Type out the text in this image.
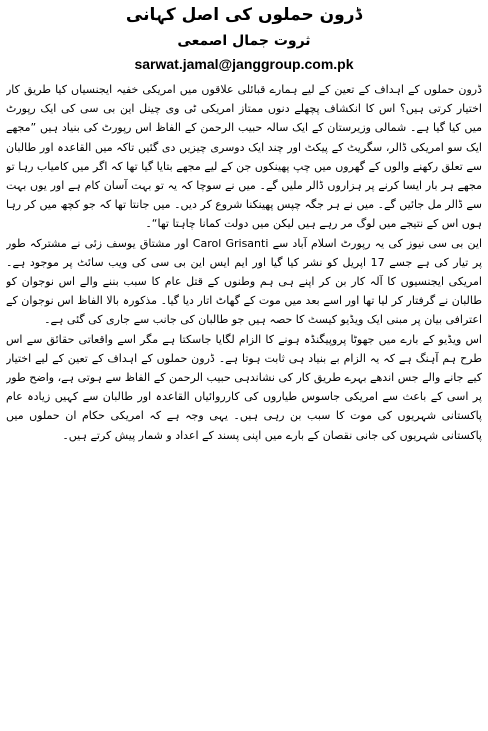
ڈرون حملوں کی اصل کہانی
ثروت جمال اصمعی
sarwat.jamal@janggroup.com.pk

ڈرون حملوں کے اہداف کے تعین کے لیے ہمارے قبائلی علاقوں میں امریکی خفیہ ایجنسیاں کیا طریق کار اختیار کرتی ہیں؟ اس کا انکشاف پچھلے دنوں ممتاز امریکی ٹی وی چینل این بی سی کی ایک رپورٹ میں کیا گیا ہے۔ شمالی وزیرستان کے ایک سالہ حبیب الرحمن کے الفاظ اس رپورٹ کی بنیاد ہیں ”مجھے ایک سو امریکی ڈالر، سگریٹ کے پیکٹ اور چند ایک دوسری چیزیں دی گئیں تاکہ میں القاعدہ اور طالبان سے تعلق رکھنے والوں کے گھروں میں چپ پھینکوں جن کے لیے مجھے بتایا گیا تھا کہ اگر میں کامیاب رہا تو مجھے ہر بار ایسا کرنے پر ہزاروں ڈالر ملیں گے۔ میں نے سوچا کہ یہ تو بہت آسان کام ہے اور یوں بہت سے ڈالر مل جائیں گے۔ میں نے ہر جگہ چپس پھینکنا شروع کر دیں۔ میں جانتا تھا کہ جو کچھ میں کر رہا ہوں اس کے نتیجے میں لوگ مر رہے ہیں لیکن میں دولت کمانا چاہتا تھا“۔

این بی سی نیوز کی یہ رپورٹ اسلام آباد سے Carol Grisanti اور مشتاق یوسف زئی نے مشترکہ طور پر تیار کی ہے جسے 17 اپریل کو نشر کیا گیا اور ایم ایس این بی سی کی ویب سائٹ پر موجود ہے۔ امریکی ایجنسیوں کا آلہ کار بن کر اپنے ہی ہم وطنوں کے قتل عام کا سبب بننے والے اس نوجوان کو طالبان نے گرفتار کر لیا تھا اور اسے بعد میں موت کے گھاٹ اتار دیا گیا۔ مذکورہ بالا الفاظ اس نوجوان کے اعترافی بیان پر مبنی ایک ویڈیو کیسٹ کا حصہ ہیں جو طالبان کی جانب سے جاری کی گئی ہے۔

اس ویڈیو کے بارے میں جھوٹا پروپیگنڈہ ہونے کا الزام لگایا جاسکتا ہے مگر اسے واقعاتی حقائق سے اس طرح ہم آہنگ ہے کہ یہ الزام بے بنیاد ہی ثابت ہوتا ہے۔ ڈرون حملوں کے اہداف کے تعین کے لیے اختیار کیے جانے والے جس اندھے بہرے طریق کار کی نشاندہی حبیب الرحمن کے الفاظ سے ہوتی ہے، واضح طور پر اسی کے باعث سے امریکی جاسوس طیاروں کی کارروائیاں القاعدہ اور طالبان سے کہیں زیادہ عام پاکستانی شہریوں کی موت کا سبب بن رہی ہیں۔ یہی وجہ ہے کہ امریکی حکام ان حملوں میں پاکستانی شہریوں کی جانی نقصان کے بارے میں اپنی پسند کے اعداد و شمار پیش کرتے ہیں۔
